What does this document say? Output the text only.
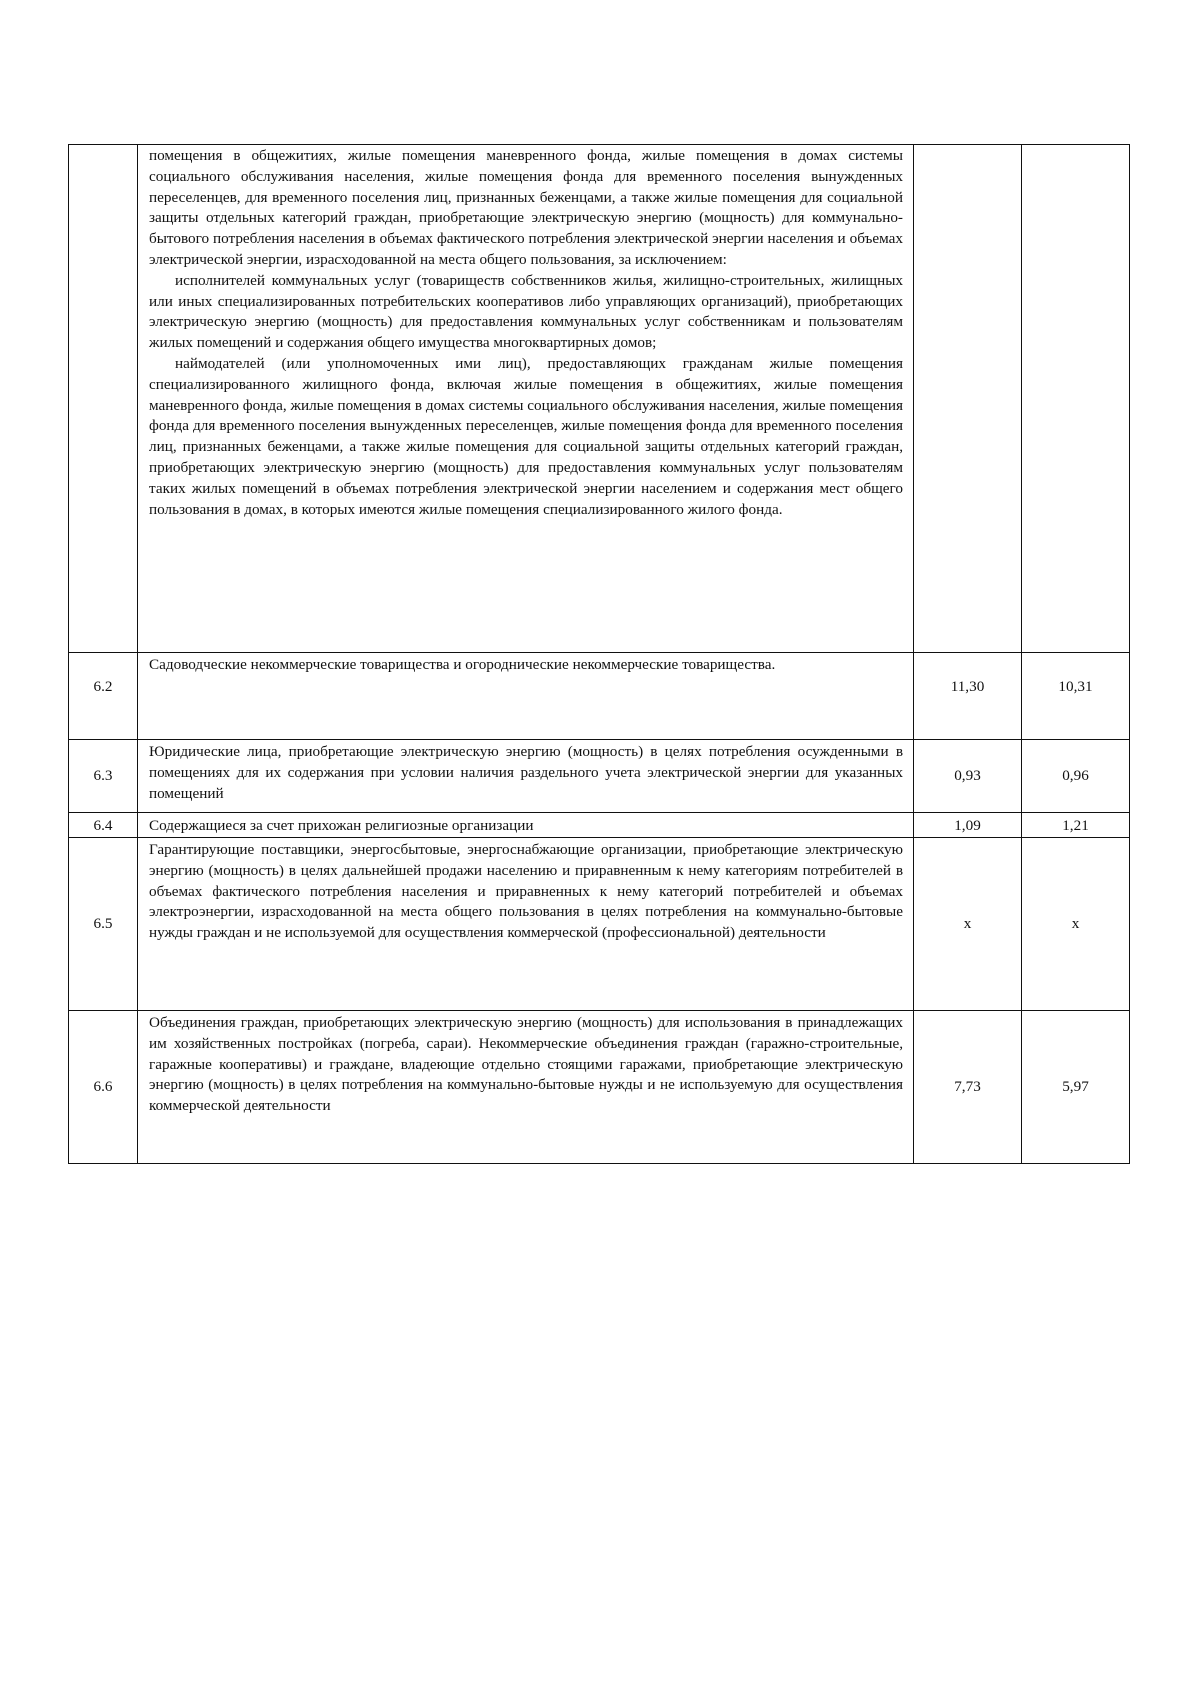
	помещения в общежитиях, жилые помещения маневренного фонда, жилые помещения в домах системы социального обслуживания населения, жилые помещения фонда для временного поселения вынужденных переселенцев, для временного поселения лиц, признанных беженцами, а также жилые помещения для социальной защиты отдельных категорий граждан, приобретающие электрическую энергию (мощность) для коммунально-бытового потребления населения в объемах фактического потребления электрической энергии населения и объемах электрической энергии, израсходованной на места общего пользования, за исключением:

исполнителей коммунальных услуг (товариществ собственников жилья, жилищно-строительных, жилищных или иных специализированных потребительских кооперативов либо управляющих организаций), приобретающих электрическую энергию (мощность) для предоставления коммунальных услуг собственникам и пользователям жилых помещений и содержания общего имущества многоквартирных домов;

наймодателей (или уполномоченных ими лиц), предоставляющих гражданам жилые помещения специализированного жилищного фонда, включая жилые помещения в общежитиях, жилые помещения маневренного фонда, жилые помещения в домах системы социального обслуживания населения, жилые помещения фонда для временного поселения вынужденных переселенцев, жилые помещения фонда для временного поселения лиц, признанных беженцами, а также жилые помещения для социальной защиты отдельных категорий граждан, приобретающих электрическую энергию (мощность) для предоставления коммунальных услуг пользователям таких жилых помещений в объемах потребления электрической энергии населением и содержания мест общего пользования в домах, в которых имеются жилые помещения специализированного жилого фонда.		

6.2	Садоводческие некоммерческие товарищества и огороднические некоммерческие товарищества.	11,30	10,31
6.3	Юридические лица, приобретающие электрическую энергию (мощность) в целях потребления осужденными в помещениях для их содержания при условии наличия раздельного учета электрической энергии для указанных помещений	0,93	0,96
6.4	Содержащиеся за счет прихожан религиозные организации	1,09	1,21
6.5	Гарантирующие поставщики, энергосбытовые, энергоснабжающие организации, приобретающие электрическую энергию (мощность) в целях дальнейшей продажи населению и приравненным к нему категориям потребителей в объемах фактического потребления населения и приравненных к нему категорий потребителей и объемах электроэнергии, израсходованной на места общего пользования в целях потребления на коммунально-бытовые нужды граждан и не используемой для осуществления коммерческой (профессиональной) деятельности	х	х
6.6	Объединения граждан, приобретающих электрическую энергию (мощность) для использования в принадлежащих им хозяйственных постройках (погреба, сараи). Некоммерческие объединения граждан (гаражно-строительные, гаражные кооперативы) и граждане, владеющие отдельно стоящими гаражами, приобретающие электрическую энергию (мощность) в целях потребления на коммунально-бытовые нужды и не используемую для осуществления коммерческой деятельности	7,73	5,97
